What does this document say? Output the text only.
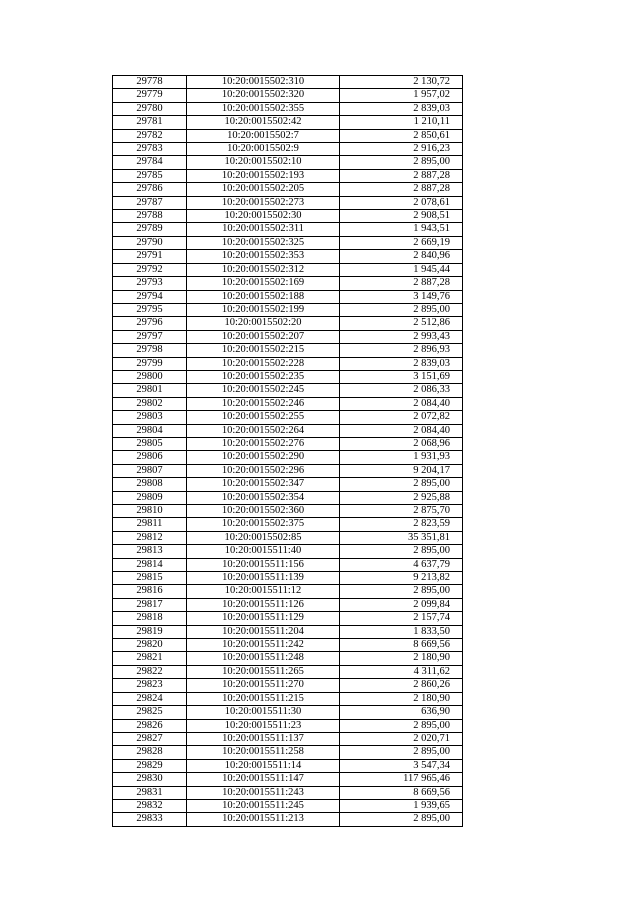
29778	10:20:0015502:310	2 130,72
29779	10:20:0015502:320	1 957,02
29780	10:20:0015502:355	2 839,03
29781	10:20:0015502:42	1 210,11
29782	10:20:0015502:7	2 850,61
29783	10:20:0015502:9	2 916,23
29784	10:20:0015502:10	2 895,00
29785	10:20:0015502:193	2 887,28
29786	10:20:0015502:205	2 887,28
29787	10:20:0015502:273	2 078,61
29788	10:20:0015502:30	2 908,51
29789	10:20:0015502:311	1 943,51
29790	10:20:0015502:325	2 669,19
29791	10:20:0015502:353	2 840,96
29792	10:20:0015502:312	1 945,44
29793	10:20:0015502:169	2 887,28
29794	10:20:0015502:188	3 149,76
29795	10:20:0015502:199	2 895,00
29796	10:20:0015502:20	2 512,86
29797	10:20:0015502:207	2 993,43
29798	10:20:0015502:215	2 896,93
29799	10:20:0015502:228	2 839,03
29800	10:20:0015502:235	3 151,69
29801	10:20:0015502:245	2 086,33
29802	10:20:0015502:246	2 084,40
29803	10:20:0015502:255	2 072,82
29804	10:20:0015502:264	2 084,40
29805	10:20:0015502:276	2 068,96
29806	10:20:0015502:290	1 931,93
29807	10:20:0015502:296	9 204,17
29808	10:20:0015502:347	2 895,00
29809	10:20:0015502:354	2 925,88
29810	10:20:0015502:360	2 875,70
29811	10:20:0015502:375	2 823,59
29812	10:20:0015502:85	35 351,81
29813	10:20:0015511:40	2 895,00
29814	10:20:0015511:156	4 637,79
29815	10:20:0015511:139	9 213,82
29816	10:20:0015511:12	2 895,00
29817	10:20:0015511:126	2 099,84
29818	10:20:0015511:129	2 157,74
29819	10:20:0015511:204	1 833,50
29820	10:20:0015511:242	8 669,56
29821	10:20:0015511:248	2 180,90
29822	10:20:0015511:265	4 311,62
29823	10:20:0015511:270	2 860,26
29824	10:20:0015511:215	2 180,90
29825	10:20:0015511:30	636,90
29826	10:20:0015511:23	2 895,00
29827	10:20:0015511:137	2 020,71
29828	10:20:0015511:258	2 895,00
29829	10:20:0015511:14	3 547,34
29830	10:20:0015511:147	117 965,46
29831	10:20:0015511:243	8 669,56
29832	10:20:0015511:245	1 939,65
29833	10:20:0015511:213	2 895,00
